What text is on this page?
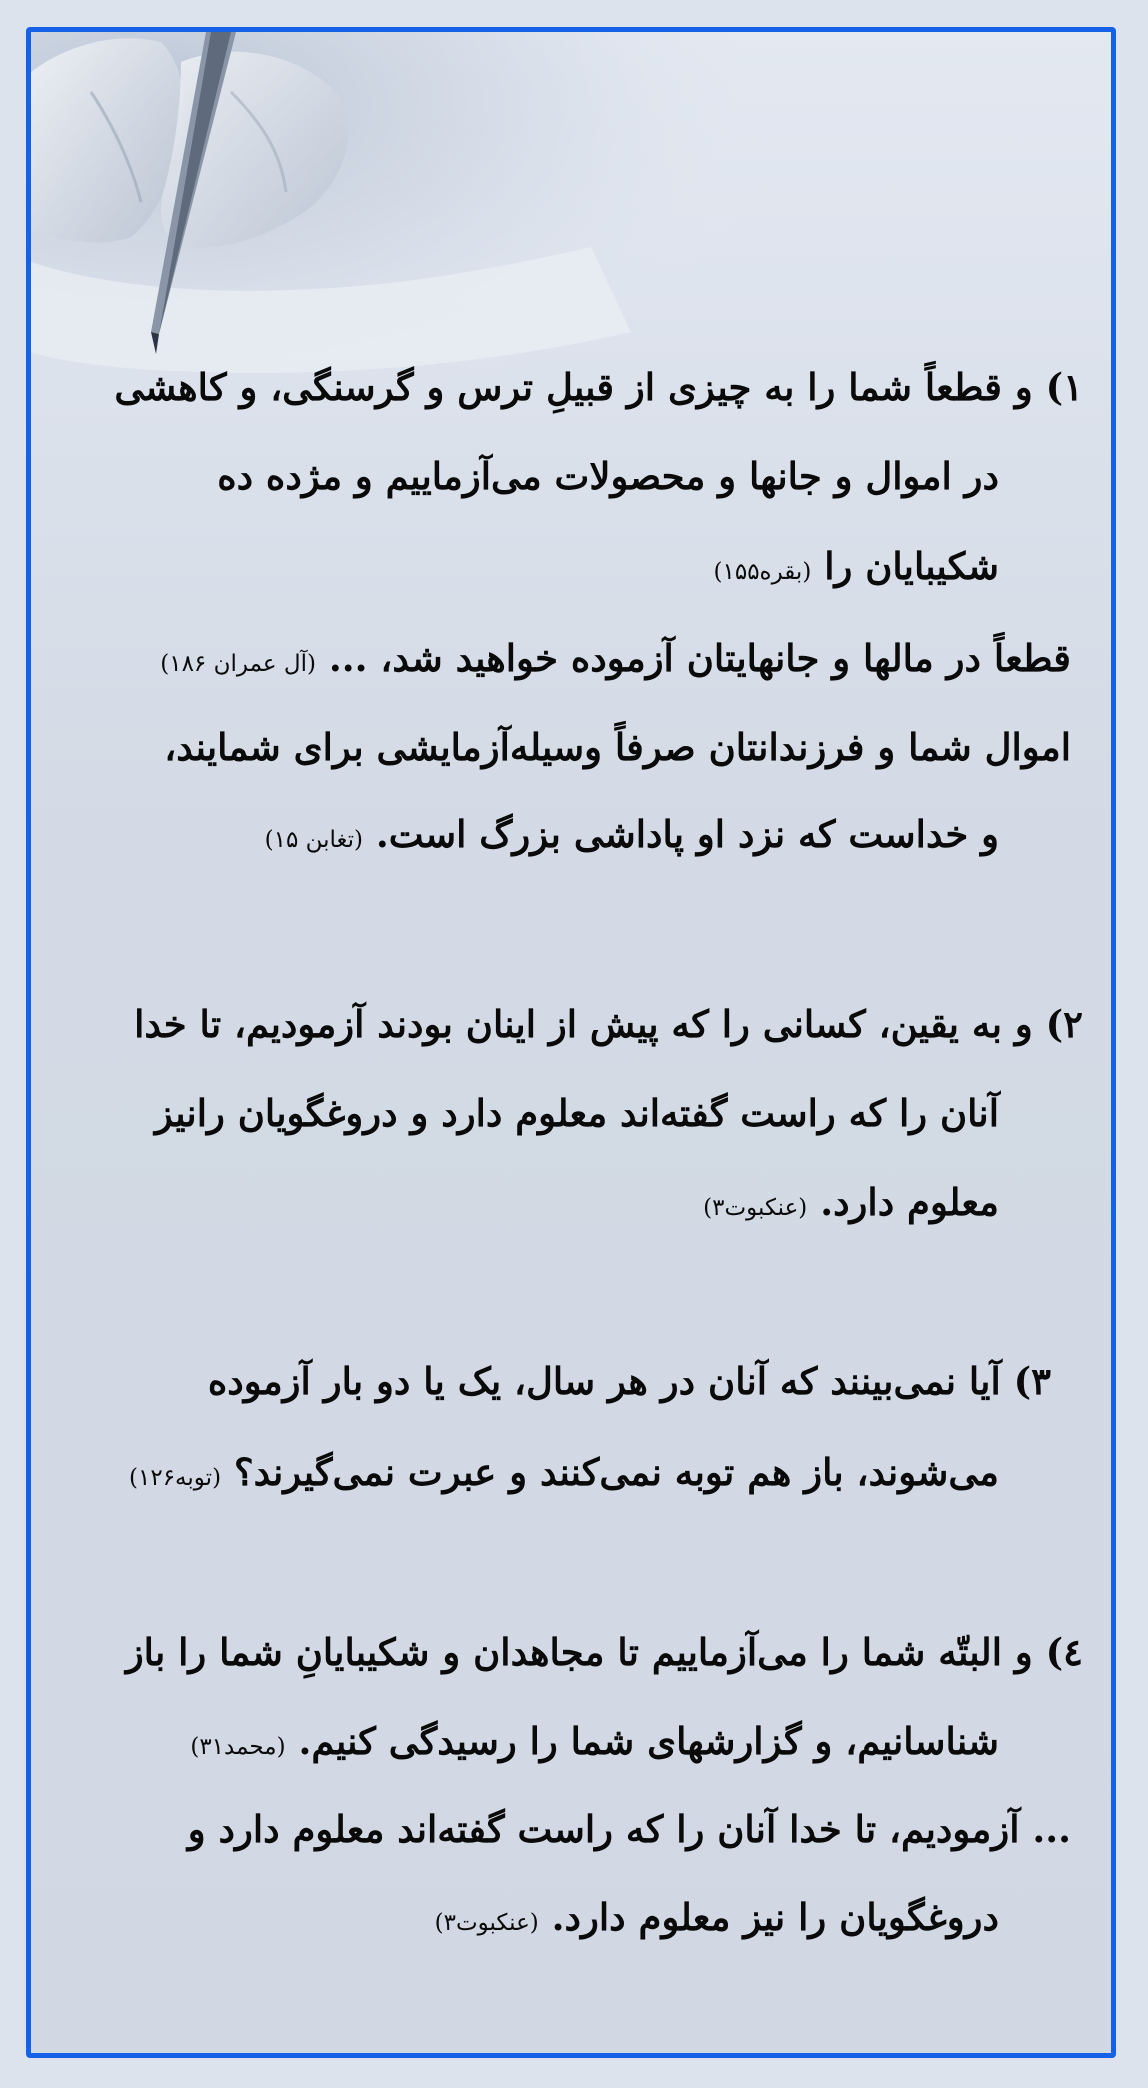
۱) و قطعاً شما را به چیزی از قبیلِ ترس و گرسنگی، و کاهشی
در اموال و جانها و محصولات می‌آزماییم و مژده ده
شکیبایان را (بقره۱۵۵)
قطعاً در مالها و جانهایتان آزموده خواهید شد، ... (آل عمران ۱۸۶)
اموال شما و فرزندانتان صرفاً وسیله‌آزمایشی برای شمایند،
و خداست که نزد او پاداشی بزرگ است. (تغابن ۱۵)
۲) و به یقین، کسانی را که پیش از اینان بودند آزمودیم، تا خدا
آنان را که راست گفته‌اند معلوم دارد و دروغگویان رانیز
معلوم دارد. (عنکبوت۳)
۳) آیا نمی‌بینند که آنان در هر سال، یک یا دو بار آزموده
می‌شوند، باز هم توبه نمی‌کنند و عبرت نمی‌گیرند؟ (توبه۱۲۶)
٤) و البتّه شما را می‌آزماییم تا مجاهدان و شکیبایانِ شما را باز
شناسانیم، و گزارشهای شما را رسیدگی کنیم. (محمد۳۱)
... آزمودیم، تا خدا آنان را که راست گفته‌اند معلوم دارد و
دروغگویان را نیز معلوم دارد. (عنکبوت۳)
